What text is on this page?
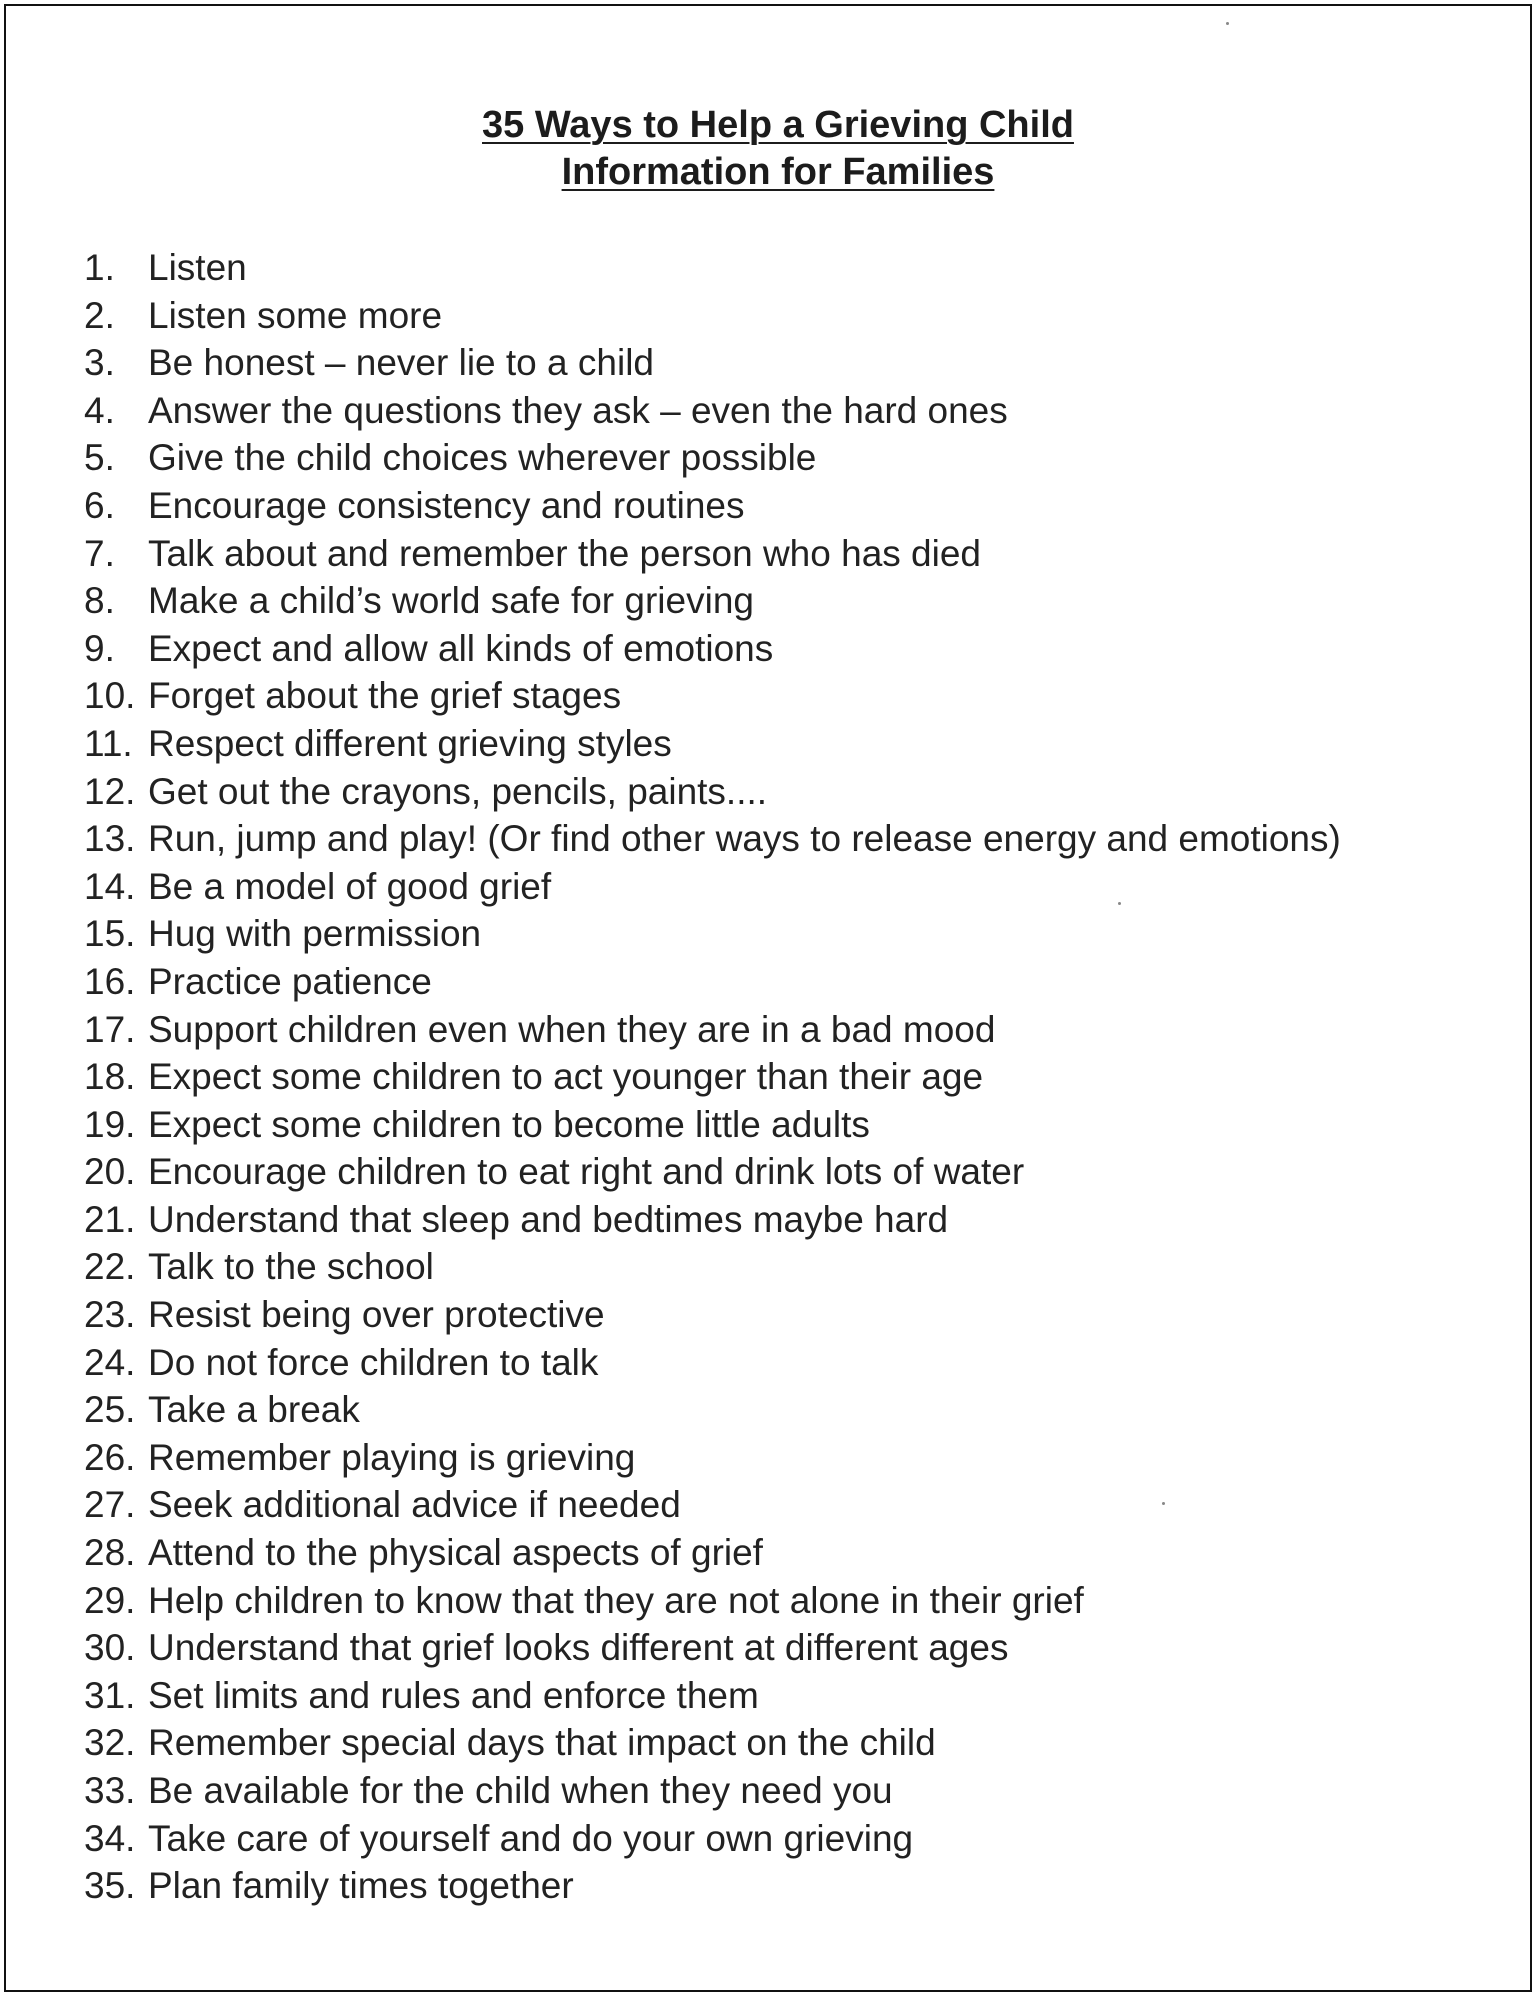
35 Ways to Help a Grieving Child
Information for Families
1. Listen
2. Listen some more
3. Be honest – never lie to a child
4. Answer the questions they ask – even the hard ones
5. Give the child choices wherever possible
6. Encourage consistency and routines
7. Talk about and remember the person who has died
8. Make a child’s world safe for grieving
9. Expect and allow all kinds of emotions
10. Forget about the grief stages
11. Respect different grieving styles
12. Get out the crayons, pencils, paints....
13. Run, jump and play! (Or find other ways to release energy and emotions)
14. Be a model of good grief
15. Hug with permission
16. Practice patience
17. Support children even when they are in a bad mood
18. Expect some children to act younger than their age
19. Expect some children to become little adults
20. Encourage children to eat right and drink lots of water
21. Understand that sleep and bedtimes maybe hard
22. Talk to the school
23. Resist being over protective
24. Do not force children to talk
25. Take a break
26. Remember playing is grieving
27. Seek additional advice if needed
28. Attend to the physical aspects of grief
29. Help children to know that they are not alone in their grief
30. Understand that grief looks different at different ages
31. Set limits and rules and enforce them
32. Remember special days that impact on the child
33. Be available for the child when they need you
34. Take care of yourself and do your own grieving
35. Plan family times together
